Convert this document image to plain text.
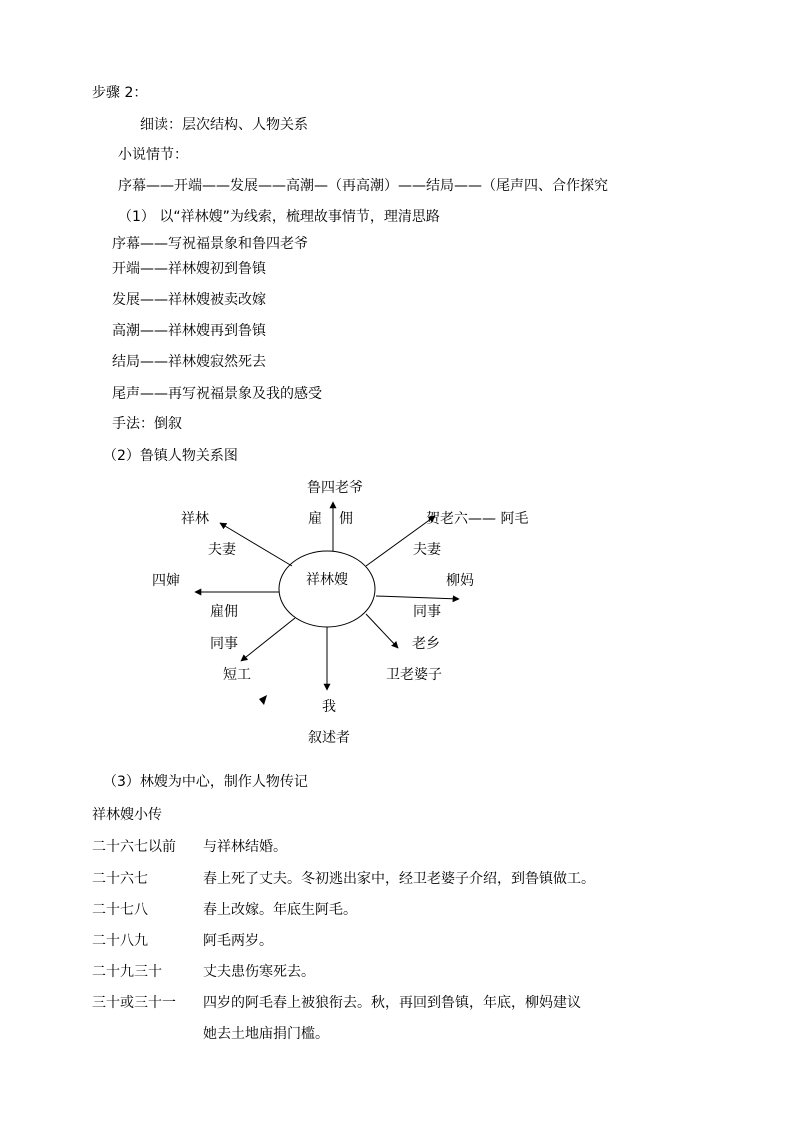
步骤 2：
细读：层次结构、人物关系
小说情节：
序幕——开端——发展——高潮—（再高潮）——结局——（尾声四、合作探究
（1） 以“祥林嫂”为线索，梳理故事情节，理清思路
序幕——写祝福景象和鲁四老爷
开端——祥林嫂初到鲁镇
发展——祥林嫂被卖改嫁
高潮——祥林嫂再到鲁镇
结局——祥林嫂寂然死去
尾声——再写祝福景象及我的感受
手法：倒叙
（2）鲁镇人物关系图
祥林嫂
鲁四老爷
雇 佣
祥林
夫妻
贺老六—— 阿毛
夫妻
四婶
雇佣
柳妈
同事
同事
短工
老乡
卫老婆子
我
叙述者
（3）林嫂为中心，制作人物传记
祥林嫂小传
二十六七以前 与祥林结婚。
二十六七	春上死了丈夫。冬初逃出家中，经卫老婆子介绍，到鲁镇做工。
二十七八	春上改嫁。年底生阿毛。
二十八九	阿毛两岁。
二十九三十	丈夫患伤寒死去。
三十或三十一 四岁的阿毛春上被狼衔去。秋，再回到鲁镇，年底，柳妈建议
她去土地庙捐门槛。
